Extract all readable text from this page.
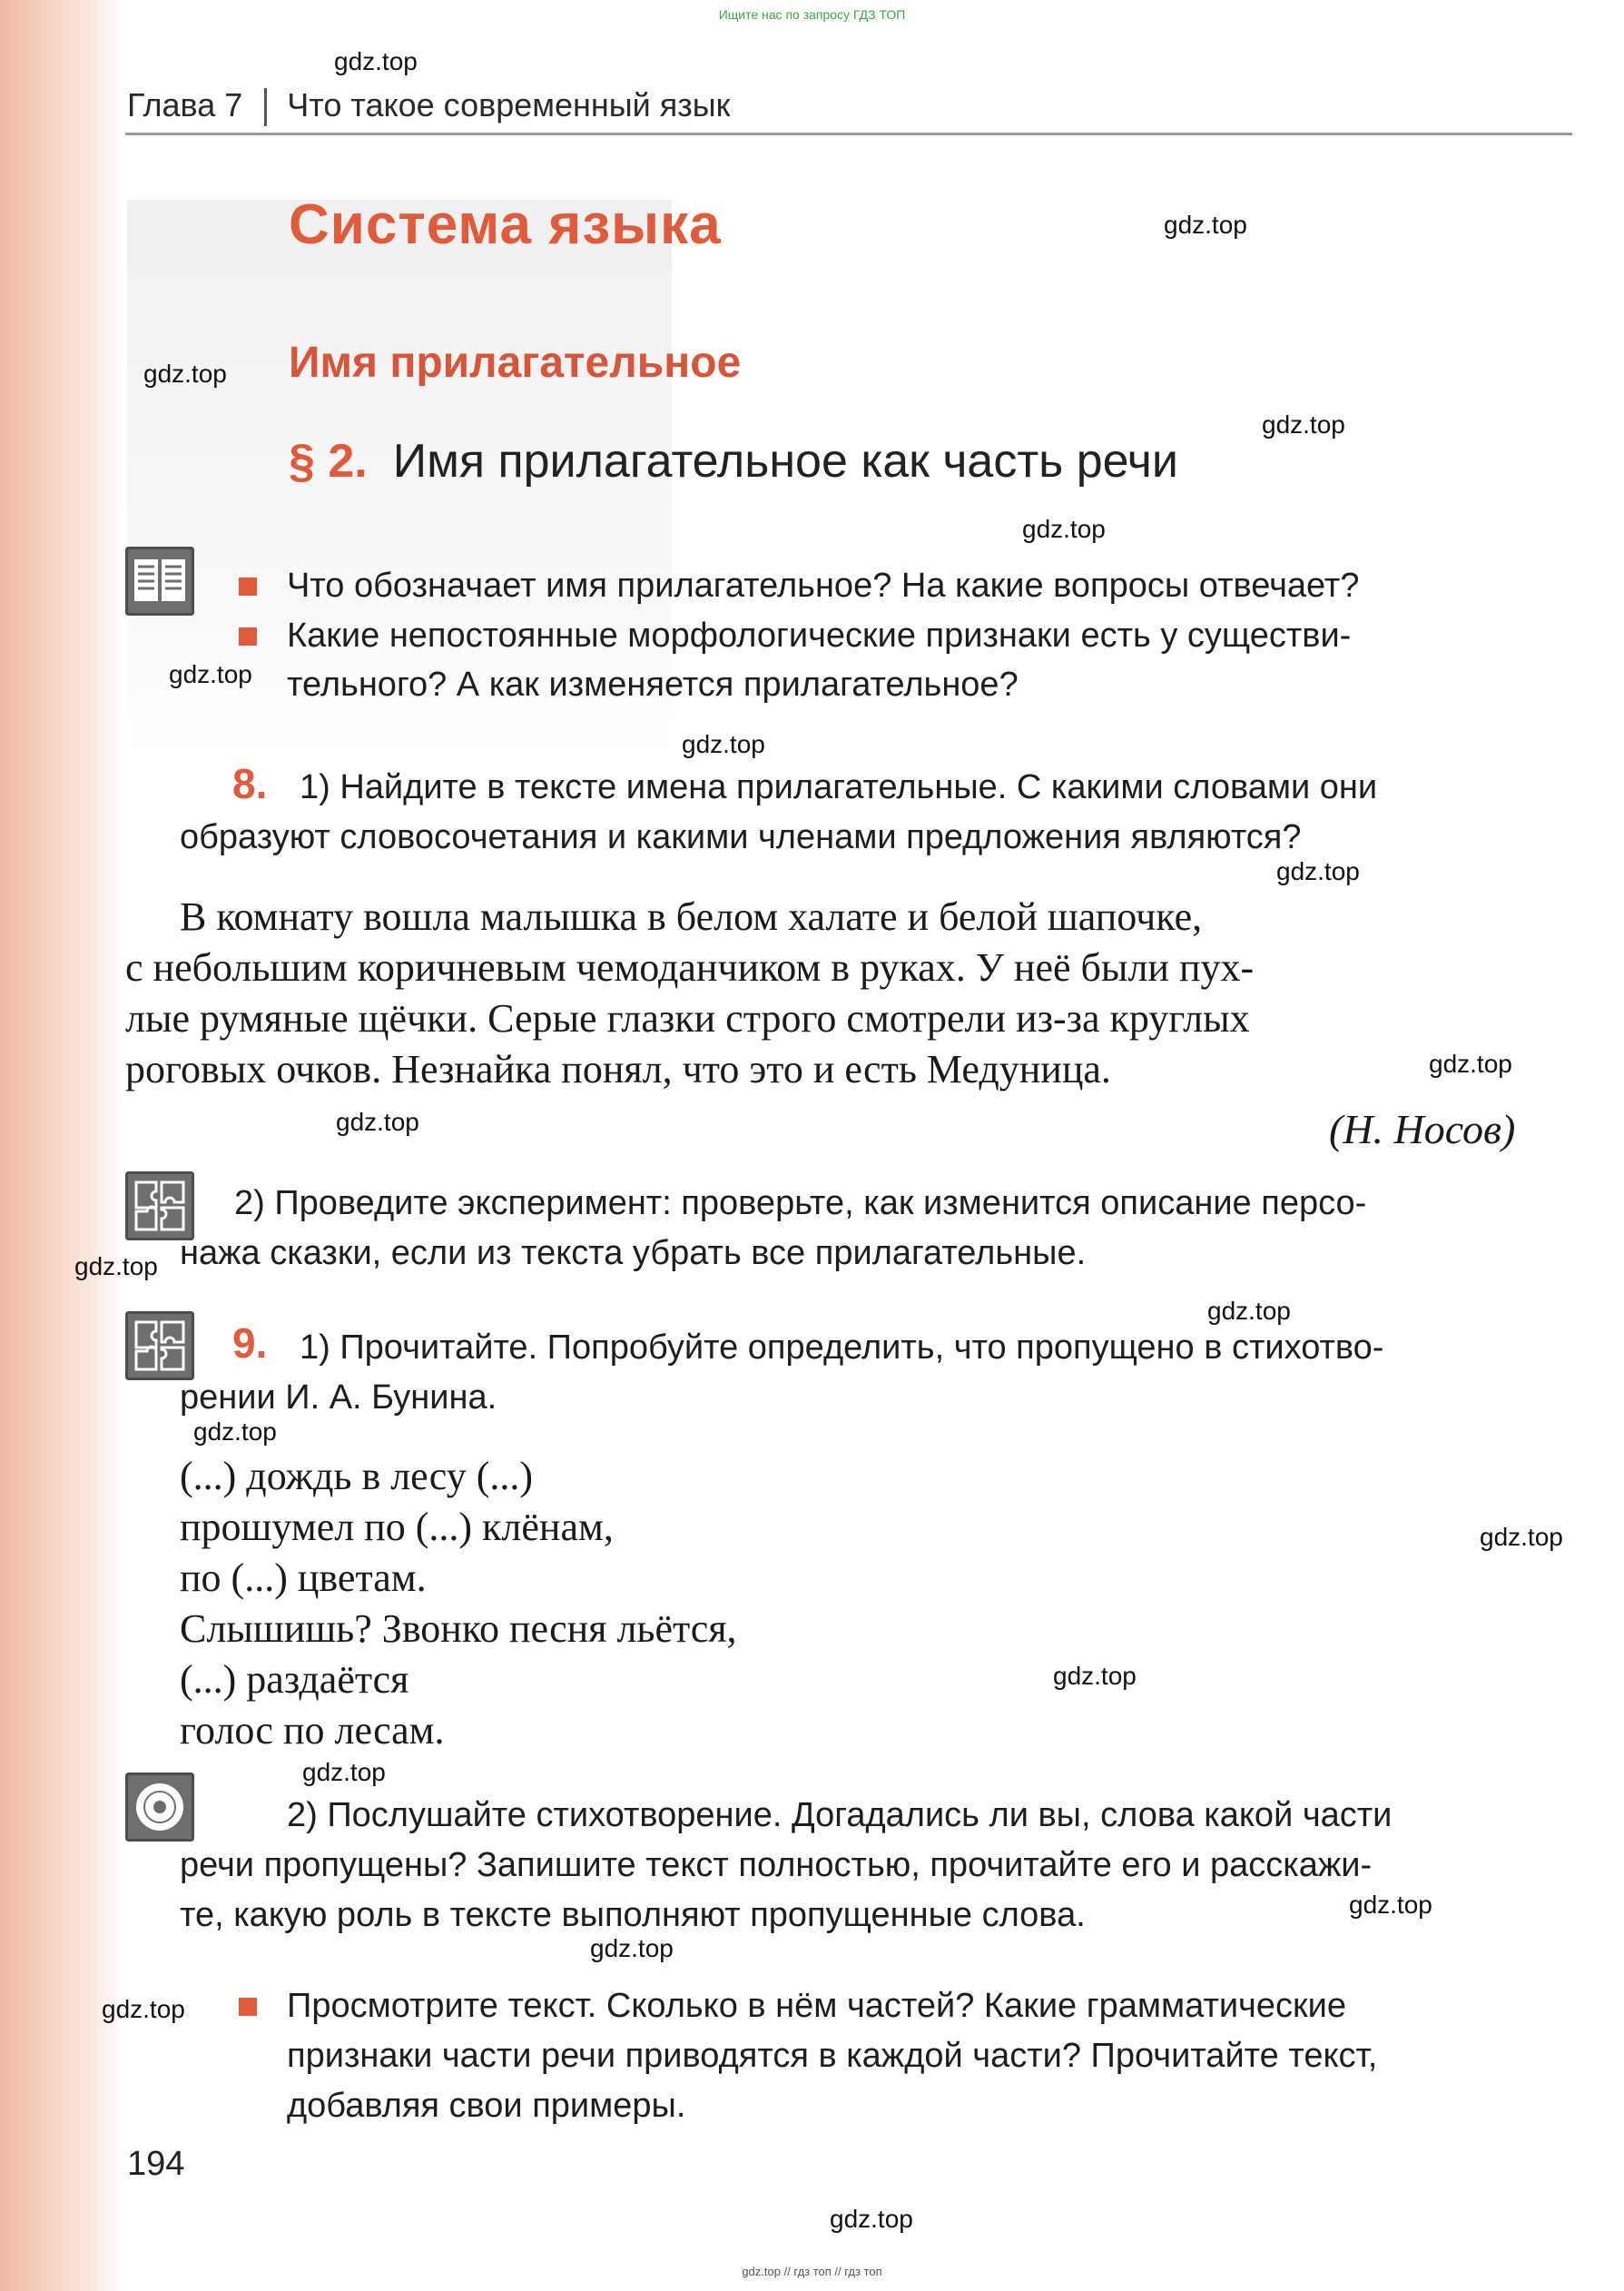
Ищите нас по запросу ГДЗ ТОП
Глава 7 Что такое современный язык
Система языка
Имя прилагательное
§ 2. Имя прилагательное как часть речи
Что обозначает имя прилагательное? На какие вопросы отвечает?
Какие непостоянные морфологические признаки есть у существи-
тельного? А как изменяется прилагательное?
8. 1) Найдите в тексте имена прилагательные. С какими словами они
образуют словосочетания и какими членами предложения являются?
В комнату вошла малышка в белом халате и белой шапочке,
с небольшим коричневым чемоданчиком в руках. У неё были пух-
лые румяные щёчки. Серые глазки строго смотрели из-за круглых
роговых очков. Незнайка понял, что это и есть Медуница.
(Н. Носов)
2) Проведите эксперимент: проверьте, как изменится описание персо-
нажа сказки, если из текста убрать все прилагательные.
9. 1) Прочитайте. Попробуйте определить, что пропущено в стихотво-
рении И. А. Бунина.
(...) дождь в лесу (...)
прошумел по (...) клёнам,
по (...) цветам.
Слышишь? Звонко песня льётся,
(...) раздаётся
голос по лесам.
2) Послушайте стихотворение. Догадались ли вы, слова какой части
речи пропущены? Запишите текст полностью, прочитайте его и расскажи-
те, какую роль в тексте выполняют пропущенные слова.
Просмотрите текст. Сколько в нём частей? Какие грамматические
признаки части речи приводятся в каждой части? Прочитайте текст,
добавляя свои примеры.
194
gdz.top
gdz.top
gdz.top
gdz.top
gdz.top
gdz.top
gdz.top
gdz.top
gdz.top
gdz.top
gdz.top
gdz.top
gdz.top
gdz.top
gdz.top
gdz.top
gdz.top
gdz.top
gdz.top
gdz.top
gdz.top // гдз топ // гдз топ
